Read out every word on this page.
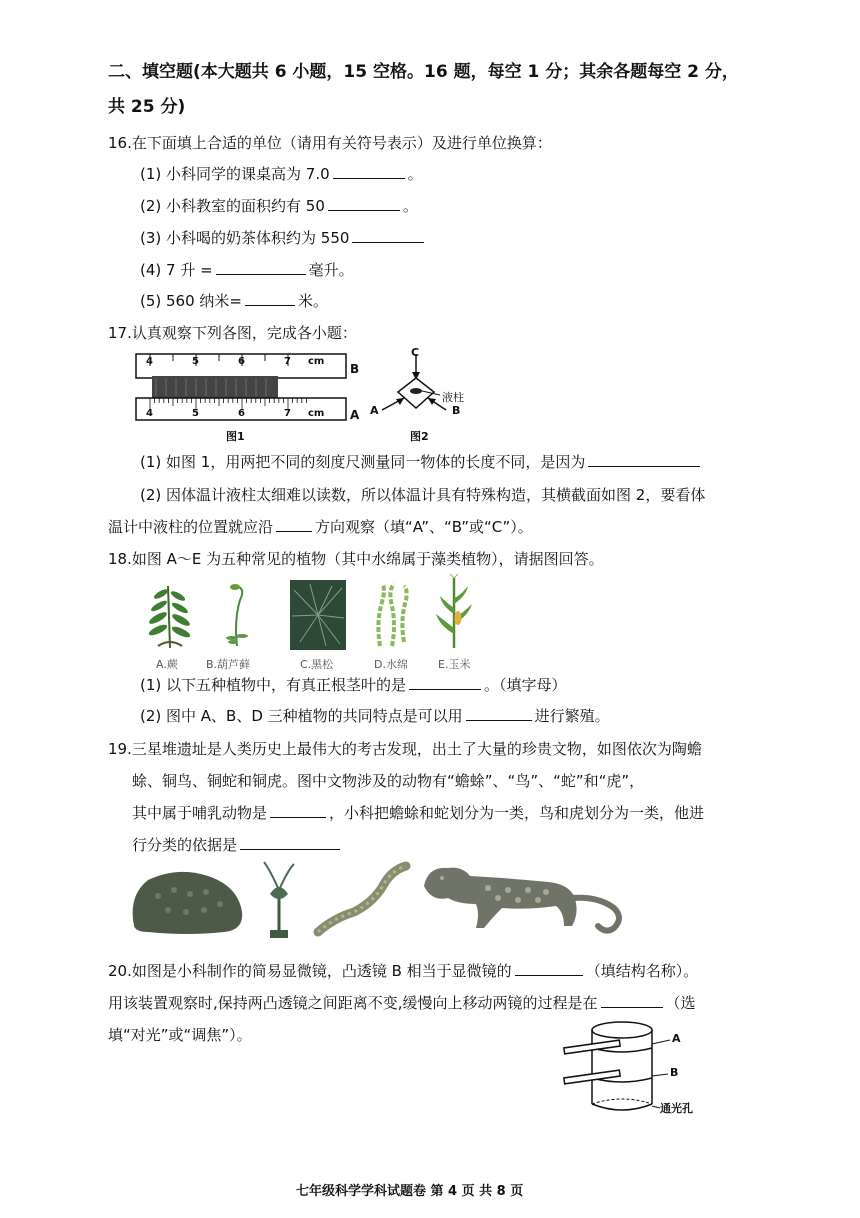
二、填空题(本大题共 6 小题，15 空格。16 题，每空 1 分；其余各题每空 2 分，
共 25 分)
16.在下面填上合适的单位（请用有关符号表示）及进行单位换算：
(1) 小科同学的课桌高为 7.0	。
(2) 小科教室的面积约有 50	。
(3) 小科喝的奶茶体积约为 550
(4) 7 升 =	毫升。
(5) 560 纳米=	米。
17.认真观察下列各图，完成各小题：
4	5	6	7 cm
4	5	6	7 cm
B
A
图1
C
A	B
液柱
图2
(1) 如图 1，用两把不同的刻度尺测量同一物体的长度不同，是因为
(2) 因体温计液柱太细难以读数，所以体温计具有特殊构造，其横截面如图 2，要看体
温计中液柱的位置就应沿	方向观察（填“A”、“B”或“C”）。
18.如图 A～E 为五种常见的植物（其中水绵属于藻类植物），请据图回答。
A.蕨	B.葫芦藓	C.黑松	D.水绵	E.玉米
(1) 以下五种植物中，有真正根茎叶的是	。（填字母）
(2) 图中 A、B、D 三种植物的共同特点是可以用	进行繁殖。
19.三星堆遗址是人类历史上最伟大的考古发现，出土了大量的珍贵文物，如图依次为陶蟾
蜍、铜鸟、铜蛇和铜虎。图中文物涉及的动物有“蟾蜍”、“鸟”、“蛇”和“虎”，
其中属于哺乳动物是	，小科把蟾蜍和蛇划分为一类，鸟和虎划分为一类，他进
行分类的依据是
20.如图是小科制作的简易显微镜，凸透镜 B 相当于显微镜的	（填结构名称）。
用该装置观察时,保持两凸透镜之间距离不变,缓慢向上移动两镜的过程是在	（选
填“对光”或“调焦”）。	A
B
通光孔
七年级科学学科试题卷 第 4 页 共 8 页
